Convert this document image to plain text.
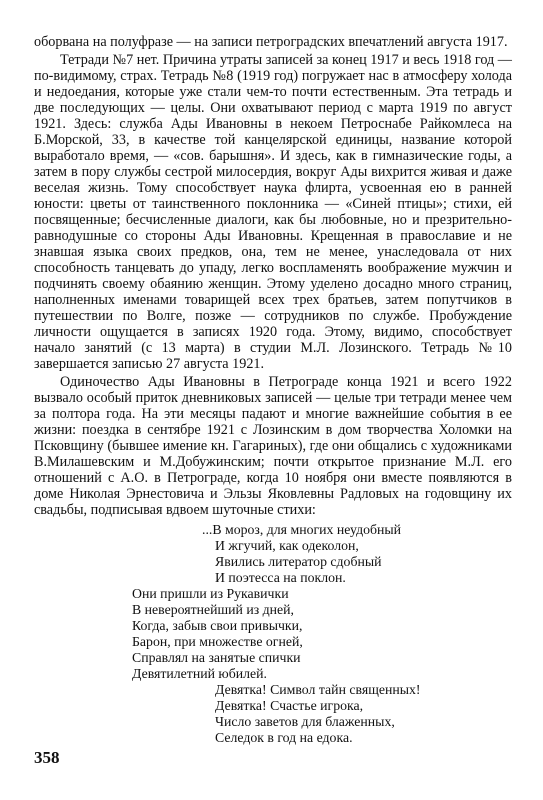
оборвана на полуфразе — на записи петроградских впечатлений августа 1917.

Тетради №7 нет. Причина утраты записей за конец 1917 и весь 1918 год — по-видимому, страх. Тетрадь №8 (1919 год) погружает нас в атмосферу холода и недоедания, которые уже стали чем-то почти естественным. Эта тетрадь и две последующих — целы. Они охватывают период с марта 1919 по август 1921. Здесь: служба Ады Ивановны в некоем Петроснабе Райкомлеса на Б.Морской, 33, в качестве той канцелярской единицы, название которой выработало время, — «сов. барышня». И здесь, как в гимназические годы, а затем в пору службы сестрой милосердия, вокруг Ады вихрится живая и даже веселая жизнь. Тому способствует наука флирта, усвоенная ею в ранней юности: цветы от таинственного поклонника — «Синей птицы»; стихи, ей посвященные; бесчисленные диалоги, как бы любовные, но и презрительно-равнодушные со стороны Ады Ивановны. Крещенная в православие и не знавшая языка своих предков, она, тем не менее, унаследовала от них способность танцевать до упаду, легко воспламенять воображение мужчин и подчинять своему обаянию женщин. Этому уделено досадно много страниц, наполненных именами товарищей всех трех братьев, затем попутчиков в путешествии по Волге, позже — сотрудников по службе. Пробуждение личности ощущается в записях 1920 года. Этому, видимо, способствует начало занятий (с 13 марта) в студии М.Л. Лозинского. Тетрадь №10 завершается записью 27 августа 1921.

Одиночество Ады Ивановны в Петрограде конца 1921 и всего 1922 вызвало особый приток дневниковых записей — целые три тетради менее чем за полтора года. На эти месяцы падают и многие важнейшие события в ее жизни: поездка в сентябре 1921 с Лозинским в дом творчества Холомки на Псковщину (бывшее имение кн. Гагариных), где они общались с художниками В.Милашевским и М.Добужинским; почти открытое признание М.Л. его отношений с А.О. в Петрограде, когда 10 ноября они вместе появляются в доме Николая Эрнестовича и Эльзы Яковлевны Радловых на годовщину их свадьбы, подписывая вдвоем шуточные стихи:

...В мороз, для многих неудобный
И жгучий, как одеколон,
Явились литератор сдобный
И поэтесса на поклон.
Они пришли из Рукавички
В невероятнейший из дней,
Когда, забыв свои привычки,
Барон, при множестве огней,
Справлял на занятые спички
Девятилетний юбилей.
Девятка! Символ тайн священных!
Девятка! Счастье игрока,
Число заветов для блаженных,
Селедок в год на едока.
358
